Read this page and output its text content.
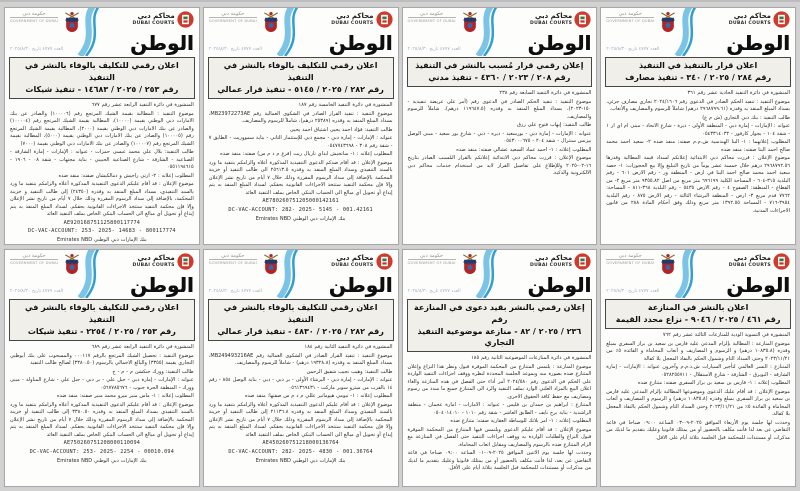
محاكم دبي
DUBAI COURTS
حكومة دبي
GOVERNMENT OF DUBAI
الوطن
العدد ٤٧٧٧ تاريخ ٢٠٢٥/٨/٣٠
اعلان قرار بالتنفيذ في التنفيذ
رقم ٢٨٤ / ٢٠٢٥ / ٣٤٠ - تنفيذ مصارف

المنشورة في دائرة التنفيذ الحادية عشر رقم ٣٦١

موضوع التنفيذ : تنفيذ الحكم الصادر في الدعوى رقم ٢٠٢٤/١٦٠٦ تجاري مصارف جزئي، بسداد المبلغ المنفذ به وقدره (٢٩٦٨٧٩٩.٦١ درهم) شاملاً للرسوم والمصاريف والأتعاب.

طالب التنفيذ : بنك دبي التجاري (ش م ع)

عنوانه : الإمارات - إمارة دبي - المنطقة الأولى - ديرة - شارع الاتحاد - مبنى ام اي ار ١ - شقة ١٠٤ - بجوار كارفور - ٠٥٤٣٣١٤٠٣٢

المطلوب إعلانهما : ١- البنا الهندسية ش.م.م صفته: منفذ ضده ٢- سعيد احمد محمد صالح احمد البنا صفته: منفذ ضده

موضوع الإعلان : قررت محاكم دبي الابتدائية إعلانكم لسداد قيمة المطالبة وقدرها ٢٩٦٨٧٩٢.٥٦ درهم خلال خمسة عشر يوماً من تاريخ التبليغ وإلا بيع الحجوزات: ١- حصة سعيد احمد محمد صالح احمد البنا في ارض - المنطقة ور - رقم الارض ٦٠١ - رقم البلدية ٣١٥-٦٠٤ - المساحة الكلية ٦٩٦١٩٩ متر مربع من اصل ٩٣٥٥.٨٢ متر مربع ٢- من القطاع - المنطقة: الصفوح ٤ - رقم الارض ٥٤٣٥ - رقم البلدية ٣٦٨-٨١١ - المساحة: ٧٧٦٢ قدم مربع ٣- ارض - المنطقة البرشاء الثالثة - رقم الارض ٨٧٥ - رقم البلدية ٣٩٥٤-٧١٦ - المساحة ١٣٩٢.٥٥ متر مربع وذلك وفق أحكام المادة ٢٨٨ من قانون الاجراءات المدنية.

محاكم دبي
DUBAI COURTS
حكومة دبي
GOVERNMENT OF DUBAI
الوطن
العدد ٤٧٧٧ تاريخ ٢٠٢٥/٨/٣٠
إعلان رقمي قرار مُسبب بالنشر في التنفيذ
رقم ٢٠٨ / ٢٠٢٣ / ٤٣٦٠ - تنفيذ مدني

المنشورة في دائرة التنفيذ السابعة رقم ٢٣٨

موضوع التنفيذ : تنفيذ الحكم الصادر في الدعوى رقم (أمر على عريضة تنفيذية - ١٥٠-٢٠٢٣)، بسداد المبلغ المنفذ به وقدره (١١٩٦٤٧.٥ درهم)، شاملاً للرسوم والمصاريف.

طالب التنفيذ: إيهاب فتوح على رزق

عنوانه : الإمارات - إمارة دبي - بورسعيد - ديره - دبي - شارع بور سعيد - مبنى الوصل بيزنس سنترال - شقة ٢٠٤ - ٠٥٤٣٠٠٠٦٧٥

المطلوب إعلانه : ١- احمد عماد السعيد عشالي صفته: منفذ ضده

موضوع الإعلان : قررت محاكم دبي الابتدائية إعلانكم بالقرار المُسبب الصادر بتاريخ ١٦-٠٢-٢٠٢٥ وللإطلاع على تفاصيل القرار لابد من استخدام خدمات محاكم دبي الالكترونية والذكية.

محاكم دبي
DUBAI COURTS
حكومة دبي
GOVERNMENT OF DUBAI
الوطن
العدد ٤٧٧٧ تاريخ ٢٠٢٥/٨/٣٠
اعلان رقمي للتكليف بالوفاء بالنشر في التنفيذ
رقم ٢٨٢ / ٢٠٢٥ / ٥١٤٥ - تنفيذ قرار عمالي

المنشورة في دائرة التنفيذ الخامسة رقم ١٨٧

موضوع التنفيذ : تنفيذ القرار الصادر في الشكوى العمالية رقم MB23972273AE، بسداد المبلغ المنفذ به وقدره (٢٥٣٨٩ درهم)، شاملاً للرسوم والمصاريف.

طالب التنفيذ: فؤاد احمد يحيى اشتياق احمد يحيى

عنوانه : الإمارات - إمارة دبي - مجمع دبي للإستثمار الثاني - بناية سمووريت - الطابق ٧ - شقة رقم ٣٠٨ - ٠٥٤٧٧٤٣٦٩٨

المطلوب إعلانه : ١- ساتجيش ايداي ناريال ريت (فرع م د م س) صفته: منفذ ضده

موضوع الإعلان : قد أقام ضدكم الدعوى التنفيذية المذكورة أعلاه والزامكم بتنفيذ ما ورد بالسند التنفيذي وسداد المبلغ المنفذ به وقدره ٢٥٦١٣.٥ الى طالب التنفيذ أو خزينة المحكمة بالإضافة إلى سداد الرسوم المقررة وذلك خلال ٧ أيام من تاريخ نشر الإعلان وإلا فإن محكمة التنفيذ ستتخذ الاجراءات القانونية بحقكم. لسداد المبلغ المنفذ به يتم إيداع أو تحويل أي مبالغ الى الحساب البنكي الخاص بملف التنفيذ العائد

AE780260751205000142161

DC-VAC-ACCOUNT: 282- 2025- 5145 - 001.42161

بنك الإمارات دبي الوطني Emirates NBD

محاكم دبي
DUBAI COURTS
حكومة دبي
GOVERNMENT OF DUBAI
الوطن
العدد ٤٧٧٧ تاريخ ٢٠٢٥/٨/٣٠
اعلان رقمي للتكليف بالوفاء بالنشر في التنفيذ
رقم ٢٥٣ / ٢٠٢٥ / ١٤٦٨٣ - تنفيذ شيكات

المنشورة في دائرة التنفيذ الرابعة عشر رقم ٦٧٧

موضوع التنفيذ : المطالبة بقيمة الشيك المرتجع رقم (١٠٠٠٠٦) والصادر عن بنك الامارات دبي الوطني بقيمة (١٠٠٠٠)، المطالبة بقيمة الشيك المرتجع رقم (١٠٠٠٠٤) والصادر عن بنك الامارات دبي الوطني بقيمة (٢٠٠٠)، المطالبة بقيمة الشيك المرتجع رقم (١٠٠٠٠٥) والصادر عن بنك الامارات دبي الوطني بقيمة (٥٠٠٠)، المطالبة بقيمة الشيك المرتجع رقم (١٠٠٠٠٧) والصادر عن بنك الامارات دبي الوطني بقيمة (٧٠٠٠)

طالب التنفيذ: بلال علي محمد عيسى حمزات - عنوانه : الإمارات - إمارة الشارقة - الصناعية - الشارقة - شارع الصناعية الحبيبي - بناية مجتهاب - شقة ٠٨ - ١٩٠٦ - ٠٥٥١١٩٤٦١٥

المطلوب إعلانه : ٢- ارتي راجيش و دمالكيشان صفته: منفذ ضده

موضوع الإعلان : قد أقام عليكم الدعوى التنفيذية المذكورة أعلاه والزامكم بتنفيذ ما ورد بالسند التنفيذي، بسداد المبلغ المنفذ به وقدره (٢٤٣٥٠) إلى طالب التنفيذ و خزينة المحكمة، بالإضافة إلى سداد الرسوم المقررة وذلك خلال ٧ أيام من تاريخ نشر الإعلان وإلا فإن محكمة التنفيذ ستتخذ الاجراءات القانونية بحقكم. لسداد المبلغ المنفذ به يتم إيداع أو تحويل أي مبالغ الى الحساب البنكي الخاص بملف التنفيذ العائد

AE920168751125800117774

DC-VAC-ACCOUNT: 253- 2025- 14683 - 800117774

بنك الإمارات دبي الوطني Emirates NBD

محاكم دبي
DUBAI COURTS
حكومة دبي
GOVERNMENT OF DUBAI
الوطن
العدد ٤٧٧٧ تاريخ ٢٠٢٥/٨/٣٠
اعلان بالنشر في المنازعة
رقم ٤٦١ / ٢٠٢٥ / ٩٠٤٦ - نزاع محدد القيمة

المنشورة في التسوية الودية للمنازعات الثالثة عشر رقم ٧٦٢

موضوع المنازعة : المطالبة بإلزام المدعي عليه فارس بن سعيد بن براز السفري بمبلغ وقدره (١٠٨٣٥.٨ درهم) و الرسوم و المصاريف و أتعاب المحاماة و الفائدة ٥٪ من ٢٠٢٣/١١/٢١ وحتى السداد التام وشمول الحكم بالنفاذ المعجل بلا كفالة

المتنازع : النسر العالمي لتأجير السيارات ش.ذ.م.م وآخرون عنوانه : الإمارات - إمارة الشارقة - البويرق - الشارقة - شارع الاستقلال - ٠٥٢٨٢٥٥٧١١

المطلوب إعلانه : ١- فارس بن سعيد بن براز السفري صفته: متنازع ضده

موضوع الإعلان : قد أقام عليك الدعوى وموضوعها المطالبة بإلزام المدعي عليه فارس بن سعيد بن براز السفري بمبلغ وقدره (١٠٨٣٥.٨ درهم) و الرسوم و المصاريف و أتعاب المحاماة و الفائدة ٥٪ من ٢٠٢٣/١١/٢١ وحتى السداد التام وشمول الحكم بالنفاذ المعجل بلا كفالة.

وحددت لها جلسة يوم الأربعاء الموافق ٢٠٢٥-٠٩-٠٣ الساعة ٠٩:٠٠ صباحا في قاعة التقاضي عن بعد لذا فأنت مكلف بالحضور أو من يمثلك قانونيا وعليك بتقديم ما لديك من مذكرات أو مستندات للمحكمة قبل الجلسة بثلاثة أيام على الاقل.

محاكم دبي
DUBAI COURTS
حكومة دبي
GOVERNMENT OF DUBAI
الوطن
العدد ٤٧٧٧ تاريخ ٢٠٢٥/٨/٣٠
إعلان رقمي بالنشر بقيد دعوى في المنازعة رقم
٢٣٦ / ٢٠٢٥ / ٨٢ - منازعة موضوعية التنفيذ التجاري

المنشورة في دائرة المنازعات الموضوعية الثانية رقم ١٨٥

موضوع المنازعة : يلتمس المتنازع من المحكمة الموقرة قبول ونظر هذا النزاع وإعلان المتنازع ضده بصورة منه وبموعد الجلسة المحددة لنظره ووقف اجراءات التنفيذ الواردة على الحكم في الدعوى رقم ٢٠٢٤/٥٨٠ أمر أداء حتى الفصل في هذه المنازعة والغاء اعلان البيع بالمزاد العلني الوارد بملف التنفيذ والرد الى المتنازع جميع ما سدد من رسوم ومصاريف مع حفظ كافة الحقوق الاخرى.

المتنازع : ابراهيم بن حمدان بن فليس - عنوانه : الامارات - امارة عجمان - منطقة الراشدية - بناية برج نايف - الطابق العاشر - شقة رقم ١٠١٠ - ٠٥٠٤٠١٤٠١٠

المطلوب إعلانه : ١- امر بلاتك للوساطة العقارية صفته: متنازع ضده

موضوع الإعلان : قد أقام عليكم الدعوى ويلتمس فيها المتنازع من المحكمة الموقرة قبول النزاع والطلبات الواردة به ووقف اجراءات التنفيذ حتى الفصل في المنازعة مع الزام المتنازع ضده بالرسوم والمصاريف ومقابل اتعاب المحاماة.

وحددت لها جلسة يوم الاثنين الموافق ٢٠٢٥-٠٩-٠١ الساعة ٠٩:٠٠ صباحا في قاعة التقاضي عن بعد، لذا فأنت مكلف بالحضور أو من يمثلك قانونيا وعليك بتقديم ما لديك من مذكرات أو مستندات للمحكمة قبل الجلسة بثلاثة أيام على الأقل.

محاكم دبي
DUBAI COURTS
حكومة دبي
GOVERNMENT OF DUBAI
الوطن
العدد ٤٧٧٧ تاريخ ٢٠٢٥/٨/٣٠
اعلان رقمي للتكليف بالوفاء بالنشر في التنفيذ
رقم ٢٨٢ / ٢٠٢٥ / ٤٨٣٠ - تنفيذ قرار عمالي

المنشورة في دائرة التنفيذ الثانية رقم ١٨٤

موضوع التنفيذ : تنفيذ القرار الصادر في الشكوى العمالية رقم MB249493216AE، بسداد المبلغ المنفذ به وقدره (١٩٣٢٨.٨ درهم) - شاملاً للرسوم والمصاريف.

طالب التنفيذ: وهيب نجيب شفيق الرحمن

عنوانه : الإمارات - إمارة دبي - البرشاء الأولى - بر دبي - دبي - بناية الوصل ٨٥٤ - رقم ١٤ بالقرب من ميترو سوبر ماركت - ٠٥٦١٣٦٩٤٣١

المطلوب إعلانه : ١- تيومي هيوماتير عللي م د م س صفتها: منفذ ضده

موضوع الإعلان : قد أقام عليكم الدعوى التنفيذية المذكورة أعلاه والزامكم بتنفيذ ما ورد بالسند التنفيذي وسداد المبلغ المنفذ به وقدره ٢١١٣٦.٨ إلى طالب التنفيذ أو خزينة المحكمة بالإضافة إلى سداد الرسوم المقررة وذلك خلال ٧ أيام من تاريخ نشر الإعلان وإلا فإن محكمة التنفيذ ستتخذ الاجراءات القانونية بحقكم. لسداد المبلغ المنفذ به يتم إيداع أو تحويل أي مبالغ الى الحساب البنكي الخاص بملف التنفيذ العائد

AE450260751218000136764

DC-VAC-ACCOUNT: 282- 2025- 4830 - 001.36764

بنك الإمارات دبي الوطني Emirates NBD

محاكم دبي
DUBAI COURTS
حكومة دبي
GOVERNMENT OF DUBAI
الوطن
العدد ٤٧٧٧ تاريخ ٢٠٢٥/٨/٣٠
اعلان رقمي للتكليف بالوفاء بالنشر في التنفيذ
رقم ٢٥٣ / ٢٠٢٥ / ٢٢٥٤ - تنفيذ شيكات

المنشورة في دائرة التنفيذ الرابعة عشر رقم ٦٨٩

موضوع التنفيذ : تحصيل الشيك المرتجع بالرقم ٠٠٠١١٧ والمسحوب على بنك أبوظبي التجاري بقيمة (٣٣٥٥) والبالغ الاجمالي بالرسوم (٣٣٨٠.٥٠) لصالح طالب التنفيذ

طالب التنفيذ: وورك جنكشن م - م - ح

عنوانه : الإمارات - إمارة دبي - جبل علي - بر دبي - جبل علي - شارع المناولة - مبنى وورك - المنطقة الحرة جنوب - ٠٥٦٧٧٨٥٦٧٦

المطلوب إعلانه : ١- ماس منير ميرو محمد منير صفته: منفذ ضده

موضوع الإعلان : قد أقام عليكم الدعوى التنفيذية المذكورة أعلاه والزامكم بتنفيذ ما ورد بالسند التنفيذي بسداد المبلغ المنفذ به وقدره ٣٣٨٠.٥٠ إلى طالب التنفيذ أو خزينة المحكمة بالإضافة إلى سداد الرسوم المقررة وذلك خلال ٧ أيام من تاريخ نشر الإعلان وإلا فإن محكمة التنفيذ ستتخذ الاجراءات القانونية بحقكم. لسداد المبلغ المنفذ به يتم إيداع أو تحويل أي مبالغ الى الحساب البنكي الخاص بملف التنفيذ العائد

AE750260751208000110094

DC-VAC-ACCOUNT: 253- 2025- 2254 - 00010.094

بنك الإمارات دبي الوطني Emirates NBD
